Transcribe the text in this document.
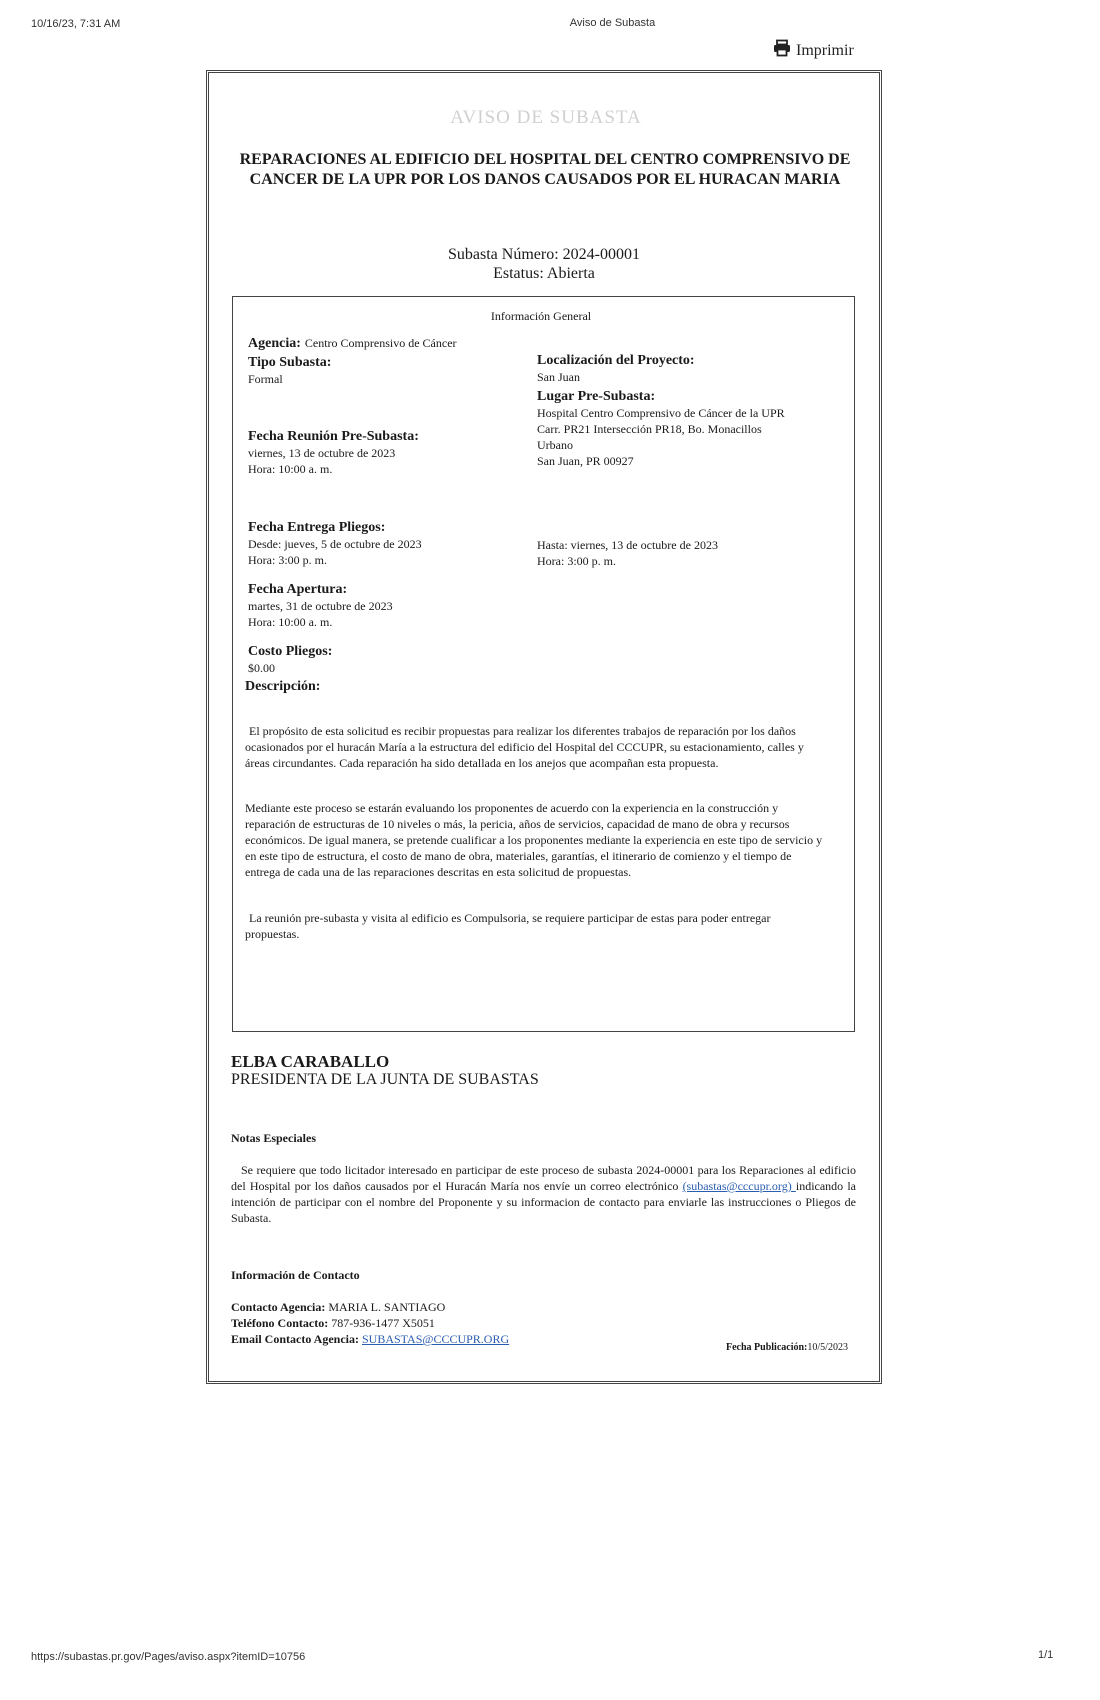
10/16/23, 7:31 AM	Aviso de Subasta
Imprimir
AVISO DE SUBASTA
REPARACIONES AL EDIFICIO DEL HOSPITAL DEL CENTRO COMPRENSIVO DE CANCER DE LA UPR POR LOS DANOS CAUSADOS POR EL HURACAN MARIA
Subasta Número: 2024-00001
Estatus: Abierta
Información General
Agencia: Centro Comprensivo de Cáncer
Tipo Subasta:
Formal
Localización del Proyecto:
San Juan
Lugar Pre-Subasta:
Hospital Centro Comprensivo de Cáncer de la UPR
Carr. PR21 Intersección PR18, Bo. Monacillos
Urbano
San Juan, PR 00927
Fecha Reunión Pre-Subasta:
viernes, 13 de octubre de 2023
Hora: 10:00 a. m.
Fecha Entrega Pliegos:
Desde: jueves, 5 de octubre de 2023
Hora: 3:00 p. m.
Hasta: viernes, 13 de octubre de 2023
Hora: 3:00 p. m.
Fecha Apertura:
martes, 31 de octubre de 2023
Hora: 10:00 a. m.
Costo Pliegos:
$0.00
Descripción:
El propósito de esta solicitud es recibir propuestas para realizar los diferentes trabajos de reparación por los daños ocasionados por el huracán María a la estructura del edificio del Hospital del CCCUPR, su estacionamiento, calles y áreas circundantes. Cada reparación ha sido detallada en los anejos que acompañan esta propuesta.
Mediante este proceso se estarán evaluando los proponentes de acuerdo con la experiencia en la construcción y reparación de estructuras de 10 niveles o más, la pericia, años de servicios, capacidad de mano de obra y recursos económicos. De igual manera, se pretende cualificar a los proponentes mediante la experiencia en este tipo de servicio y en este tipo de estructura, el costo de mano de obra, materiales, garantías, el itinerario de comienzo y el tiempo de entrega de cada una de las reparaciones descritas en esta solicitud de propuestas.
La reunión pre-subasta y visita al edificio es Compulsoria, se requiere participar de estas para poder entregar propuestas.
ELBA CARABALLO
PRESIDENTA DE LA JUNTA DE SUBASTAS
Notas Especiales
Se requiere que todo licitador interesado en participar de este proceso de subasta 2024-00001 para los Reparaciones al edificio del Hospital por los daños causados por el Huracán María nos envíe un correo electrónico (subastas@cccupr.org) indicando la intención de participar con el nombre del Proponente y su informacion de contacto para enviarle las instrucciones o Pliegos de Subasta.
Información de Contacto
Contacto Agencia: MARIA L. SANTIAGO
Teléfono Contacto: 787-936-1477 X5051
Email Contacto Agencia: SUBASTAS@CCCUPR.ORG
Fecha Publicación:10/5/2023
https://subastas.pr.gov/Pages/aviso.aspx?itemID=10756	1/1
